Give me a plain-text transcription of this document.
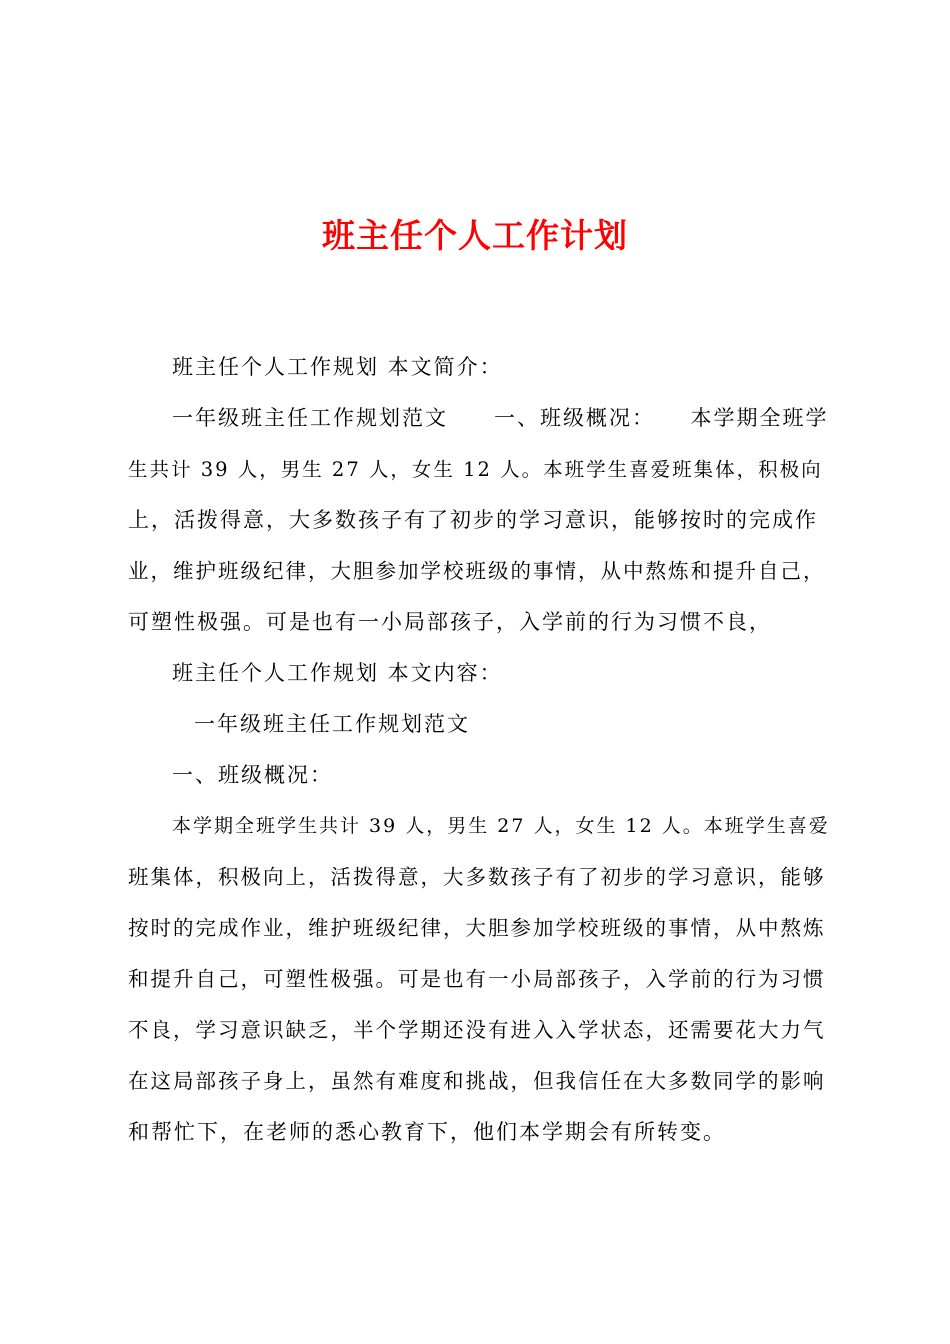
班主任个人工作计划
班主任个人工作规划 本文简介：
一年级班主任工作规划范文　　一、班级概况：　　本学期全班学
生共计 39 人，男生 27 人，女生 12 人。本班学生喜爱班集体，积极向
上，活拨得意，大多数孩子有了初步的学习意识，能够按时的完成作
业，维护班级纪律，大胆参加学校班级的事情，从中熬炼和提升自己，
可塑性极强。可是也有一小局部孩子，入学前的行为习惯不良，
班主任个人工作规划 本文内容：
一年级班主任工作规划范文
一、班级概况：
本学期全班学生共计 39 人，男生 27 人，女生 12 人。本班学生喜爱
班集体，积极向上，活拨得意，大多数孩子有了初步的学习意识，能够
按时的完成作业，维护班级纪律，大胆参加学校班级的事情，从中熬炼
和提升自己，可塑性极强。可是也有一小局部孩子，入学前的行为习惯
不良，学习意识缺乏，半个学期还没有进入入学状态，还需要花大力气
在这局部孩子身上，虽然有难度和挑战，但我信任在大多数同学的影响
和帮忙下，在老师的悉心教育下，他们本学期会有所转变。
